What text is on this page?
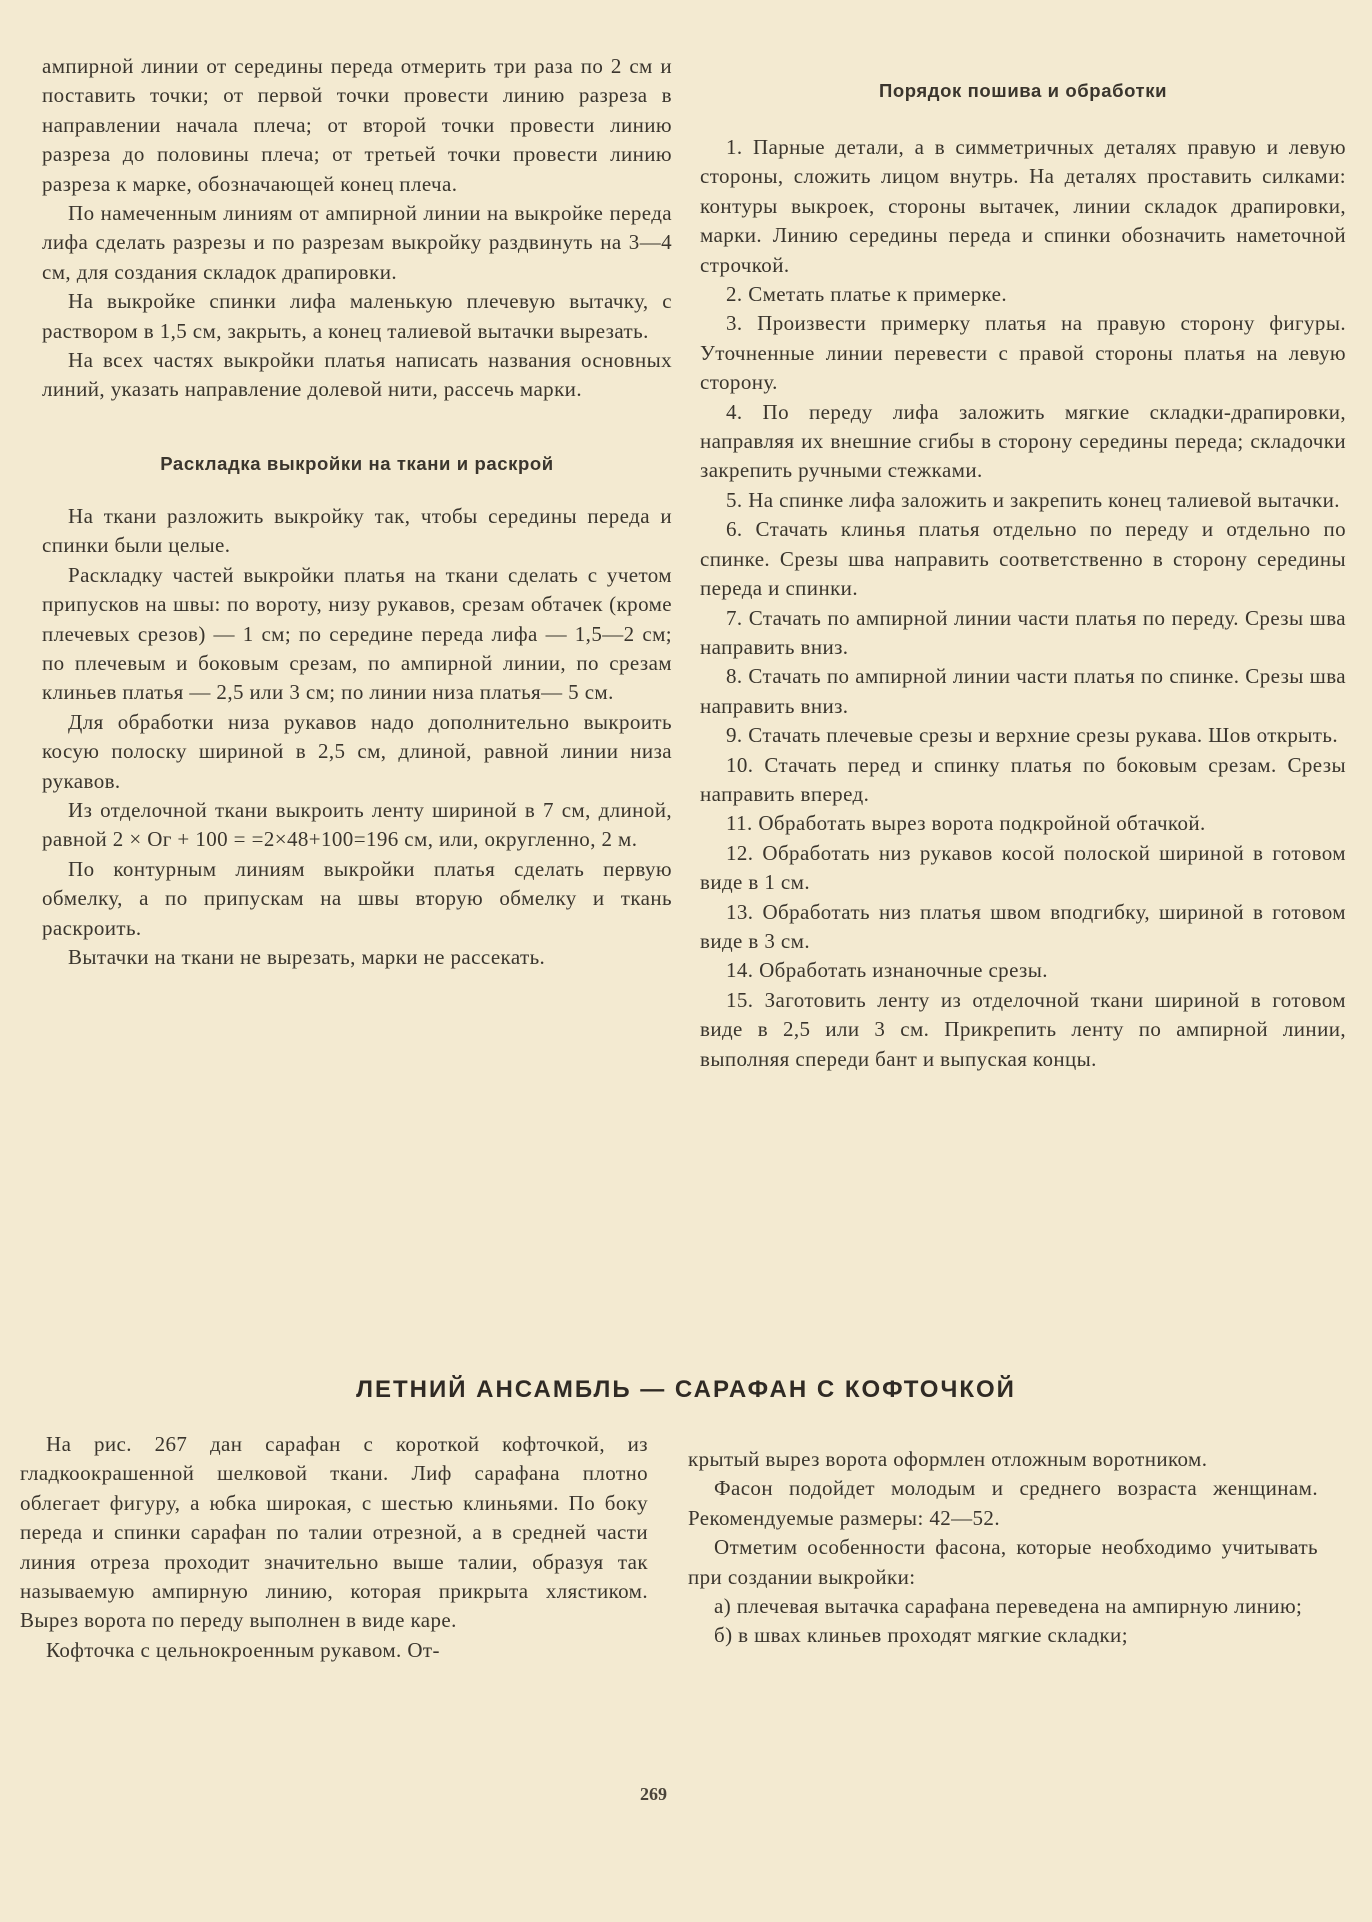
ампирной линии от середины переда отмерить три раза по 2 см и поставить точки; от первой точки провести линию разреза в направлении начала плеча; от второй точки провести линию разреза до половины плеча; от третьей точки провести линию разреза к марке, обозначающей конец плеча.

По намеченным линиям от ампирной линии на выкройке переда лифа сделать разрезы и по разрезам выкройку раздвинуть на 3—4 см, для создания складок драпировки.

На выкройке спинки лифа маленькую плечевую вытачку, с раствором в 1,5 см, закрыть, а конец талиевой вытачки вырезать.

На всех частях выкройки платья написать названия основных линий, указать направление долевой нити, рассечь марки.

Раскладка выкройки на ткани и раскрой

На ткани разложить выкройку так, чтобы середины переда и спинки были целые.

Раскладку частей выкройки платья на ткани сделать с учетом припусков на швы: по вороту, низу рукавов, срезам обтачек (кроме плечевых срезов) — 1 см; по середине переда лифа — 1,5—2 см; по плечевым и боковым срезам, по ампирной линии, по срезам клиньев платья — 2,5 или 3 см; по линии низа платья— 5 см.

Для обработки низа рукавов надо дополнительно выкроить косую полоску шириной в 2,5 см, длиной, равной линии низа рукавов.

Из отделочной ткани выкроить ленту шириной в 7 см, длиной, равной 2 × Ог + 100 = =2×48+100=196 см, или, округленно, 2 м.

По контурным линиям выкройки платья сделать первую обмелку, а по припускам на швы вторую обмелку и ткань раскроить.

Вытачки на ткани не вырезать, марки не рассекать.

Порядок пошива и обработки

1. Парные детали, а в симметричных деталях правую и левую стороны, сложить лицом внутрь. На деталях проставить силками: контуры выкроек, стороны вытачек, линии складок драпировки, марки. Линию середины переда и спинки обозначить наметочной строчкой.

2. Сметать платье к примерке.

3. Произвести примерку платья на правую сторону фигуры. Уточненные линии перевести с правой стороны платья на левую сторону.

4. По переду лифа заложить мягкие складки-драпировки, направляя их внешние сгибы в сторону середины переда; складочки закрепить ручными стежками.

5. На спинке лифа заложить и закрепить конец талиевой вытачки.

6. Стачать клинья платья отдельно по переду и отдельно по спинке. Срезы шва направить соответственно в сторону середины переда и спинки.

7. Стачать по ампирной линии части платья по переду. Срезы шва направить вниз.

8. Стачать по ампирной линии части платья по спинке. Срезы шва направить вниз.

9. Стачать плечевые срезы и верхние срезы рукава. Шов открыть.

10. Стачать перед и спинку платья по боковым срезам. Срезы направить вперед.

11. Обработать вырез ворота подкройной обтачкой.

12. Обработать низ рукавов косой полоской шириной в готовом виде в 1 см.

13. Обработать низ платья швом вподгибку, шириной в готовом виде в 3 см.

14. Обработать изнаночные срезы.

15. Заготовить ленту из отделочной ткани шириной в готовом виде в 2,5 или 3 см. Прикрепить ленту по ампирной линии, выполняя спереди бант и выпуская концы.

ЛЕТНИЙ АНСАМБЛЬ — САРАФАН С КОФТОЧКОЙ

На рис. 267 дан сарафан с короткой кофточкой, из гладкоокрашенной шелковой ткани. Лиф сарафана плотно облегает фигуру, а юбка широкая, с шестью клиньями. По боку переда и спинки сарафан по талии отрезной, а в средней части линия отреза проходит значительно выше талии, образуя так называемую ампирную линию, которая прикрыта хлястиком. Вырез ворота по переду выполнен в виде каре.

Кофточка с цельнокроенным рукавом. От-

крытый вырез ворота оформлен отложным воротником.

Фасон подойдет молодым и среднего возраста женщинам. Рекомендуемые размеры: 42—52.

Отметим особенности фасона, которые необходимо учитывать при создании выкройки:

а) плечевая вытачка сарафана переведена на ампирную линию;

б) в швах клиньев проходят мягкие складки;

269
